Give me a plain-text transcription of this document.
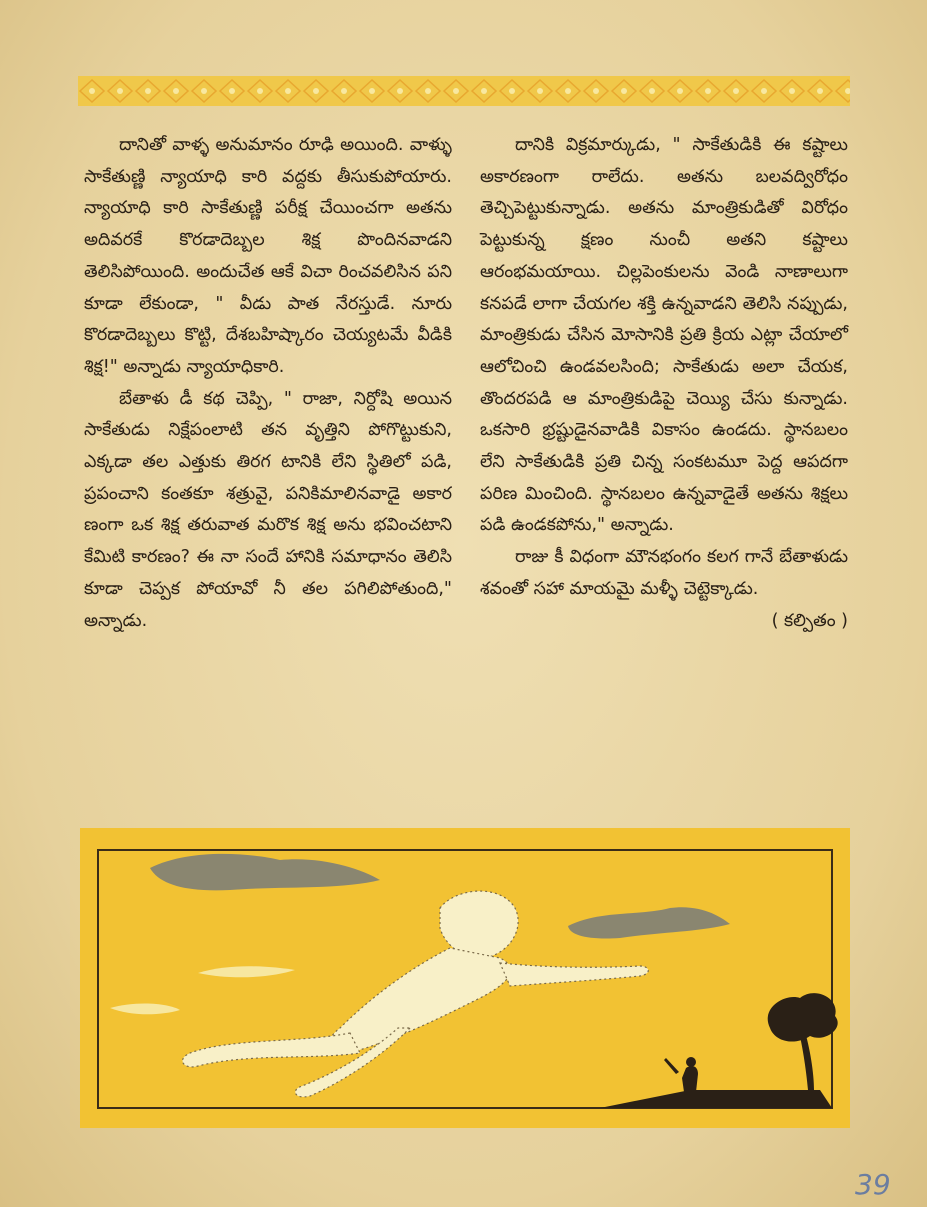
దానితో వాళ్ళ అనుమానం రూఢి అయింది. వాళ్ళు సాకేతుణ్ణి న్యాయాధి కారి వద్దకు తీసుకుపోయారు. న్యాయాధి కారి సాకేతుణ్ణి పరీక్ష చేయించగా అతను అదివరకే కొరడాదెబ్బల శిక్ష పొందినవాడని తెలిసిపోయింది. అందుచేత ఆకే విచా రించవలిసిన పని కూడా లేకుండా, " వీడు పాత నేరస్తుడే. నూరు కొరడాదెబ్బలు కొట్టి, దేశబహిష్కారం చెయ్యటమే వీడికి శిక్ష!" అన్నాడు న్యాయాధికారి.

బేతాళు డీ కథ చెప్పి, " రాజా, నిర్దోషి అయిన సాకేతుడు నిక్షేపంలాటి తన వృత్తిని పోగొట్టుకుని, ఎక్కడా తల ఎత్తుకు తిరగ టానికి లేని స్థితిలో పడి, ప్రపంచాని కంతకూ శత్రువై, పనికిమాలినవాడై అకార ణంగా ఒక శిక్ష తరువాత మరొక శిక్ష అను భవించటాని కేమిటి కారణం? ఈ నా సందే హానికి సమాధానం తెలిసి కూడా చెప్పక పోయావో నీ తల పగిలిపోతుంది," అన్నాడు.

దానికి విక్రమార్కుడు, " సాకేతుడికి ఈ కష్టాలు అకారణంగా రాలేదు. అతను బలవద్విరోధం తెచ్చిపెట్టుకున్నాడు. అతను మాంత్రికుడితో విరోధం పెట్టుకున్న క్షణం నుంచీ అతని కష్టాలు ఆరంభమయాయి. చిల్లపెంకులను వెండి నాణాలుగా కనపడే లాగా చేయగల శక్తి ఉన్నవాడని తెలిసి నప్పుడు, మాంత్రికుడు చేసిన మోసానికి ప్రతి క్రియ ఎట్లా చేయాలో ఆలోచించి ఉండవలసింది; సాకేతుడు అలా చేయక, తొందరపడి ఆ మాంత్రికుడిపై చెయ్యి చేసు కున్నాడు. ఒకసారి భ్రష్టుడైనవాడికి వికాసం ఉండదు. స్థానబలం లేని సాకేతుడికి ప్రతి చిన్న సంకటమూ పెద్ద ఆపదగా పరిణ మించింది. స్థానబలం ఉన్నవాడైతే అతను శిక్షలు పడి ఉండకపోను," అన్నాడు.

రాజు కీ విధంగా మౌనభంగం కలగ గానే బేతాళుడు శవంతో సహా మాయమై మళ్ళీ చెట్టెక్కాడు.

( కల్పితం )

39
